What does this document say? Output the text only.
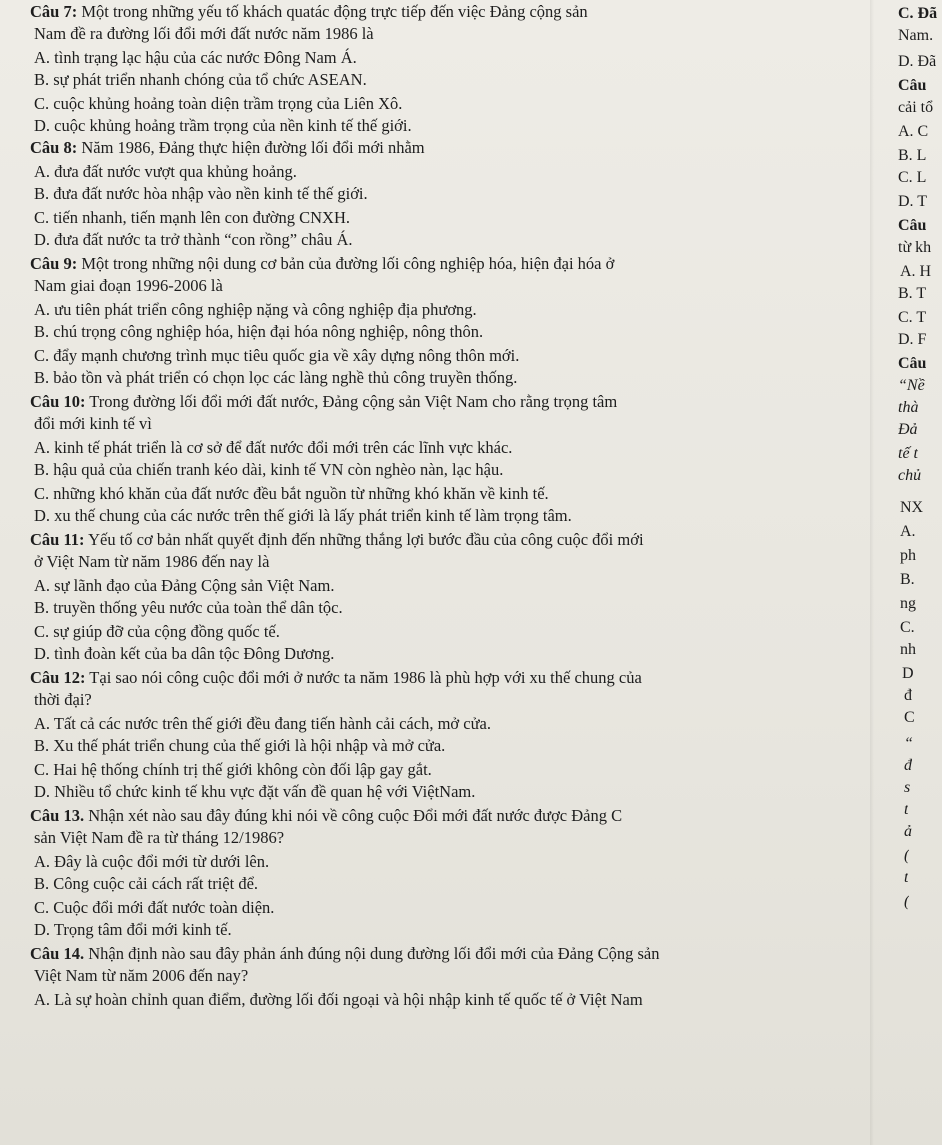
Câu 7: Một trong những yếu tố khách quatác động trực tiếp đến việc Đảng cộng sản
Nam đề ra đường lối đổi mới đất nước năm 1986 là
A. tình trạng lạc hậu của các nước Đông Nam Á.
B. sự phát triển nhanh chóng của tổ chức ASEAN.
C. cuộc khủng hoảng toàn diện trầm trọng của Liên Xô.
D. cuộc khủng hoảng trầm trọng của nền kinh tế thế giới.
Câu 8: Năm 1986, Đảng thực hiện đường lối đổi mới nhằm
A. đưa đất nước vượt qua khủng hoảng.
B. đưa đất nước hòa nhập vào nền kinh tế thế giới.
C. tiến nhanh, tiến mạnh lên con đường CNXH.
D. đưa đất nước ta trở thành “con rồng” châu Á.
Câu 9: Một trong những nội dung cơ bản của đường lối công nghiệp hóa, hiện đại hóa ở
Nam giai đoạn 1996-2006 là
A. ưu tiên phát triển công nghiệp nặng và công nghiệp địa phương.
B. chú trọng công nghiệp hóa, hiện đại hóa nông nghiệp, nông thôn.
C. đẩy mạnh chương trình mục tiêu quốc gia về xây dựng nông thôn mới.
B. bảo tồn và phát triển có chọn lọc các làng nghề thủ công truyền thống.
Câu 10: Trong đường lối đổi mới đất nước, Đảng cộng sản Việt Nam cho rằng trọng tâm
đổi mới kinh tế vì
A. kinh tế phát triển là cơ sở để đất nước đổi mới trên các lĩnh vực khác.
B. hậu quả của chiến tranh kéo dài, kinh tế VN còn nghèo nàn, lạc hậu.
C. những khó khăn của đất nước đều bắt nguồn từ những khó khăn về kinh tế.
D. xu thế chung của các nước trên thế giới là lấy phát triển kinh tế làm trọng tâm.
Câu 11: Yếu tố cơ bản nhất quyết định đến những thắng lợi bước đầu của công cuộc đổi mới
ở Việt Nam từ năm 1986 đến nay là
A. sự lãnh đạo của Đảng Cộng sản Việt Nam.
B. truyền thống yêu nước của toàn thể dân tộc.
C. sự giúp đỡ của cộng đồng quốc tế.
D. tình đoàn kết của ba dân tộc Đông Dương.
Câu 12: Tại sao nói công cuộc đổi mới ở nước ta năm 1986 là phù hợp với xu thế chung của
thời đại?
A. Tất cả các nước trên thế giới đều đang tiến hành cải cách, mở cửa.
B. Xu thế phát triển chung của thế giới là hội nhập và mở cửa.
C. Hai hệ thống chính trị thế giới không còn đối lập gay gắt.
D. Nhiều tổ chức kinh tế khu vực đặt vấn đề quan hệ với ViệtNam.
Câu 13. Nhận xét nào sau đây đúng khi nói về công cuộc Đổi mới đất nước được Đảng C
sản Việt Nam đề ra từ tháng 12/1986?
A. Đây là cuộc đổi mới từ dưới lên.
B. Công cuộc cải cách rất triệt để.
C. Cuộc đổi mới đất nước toàn diện.
D. Trọng tâm đổi mới kinh tế.
Câu 14. Nhận định nào sau đây phản ánh đúng nội dung đường lối đổi mới của Đảng Cộng sản
Việt Nam từ năm 2006 đến nay?
A. Là sự hoàn chỉnh quan điểm, đường lối đối ngoại và hội nhập kinh tế quốc tế ở Việt Nam
C. Đã
Nam.
D. Đã
Câu
cải tổ
A. C
B. L
C. L
D. T
Câu
từ kh
A. H
B. T
C. T
D. F
Câu
“Nề
thà
Đả
tế t
chủ
NX
A.
ph
B.
ng
C.
nh
D
đ
C
“
đ
s
t
ả
(
t
(
